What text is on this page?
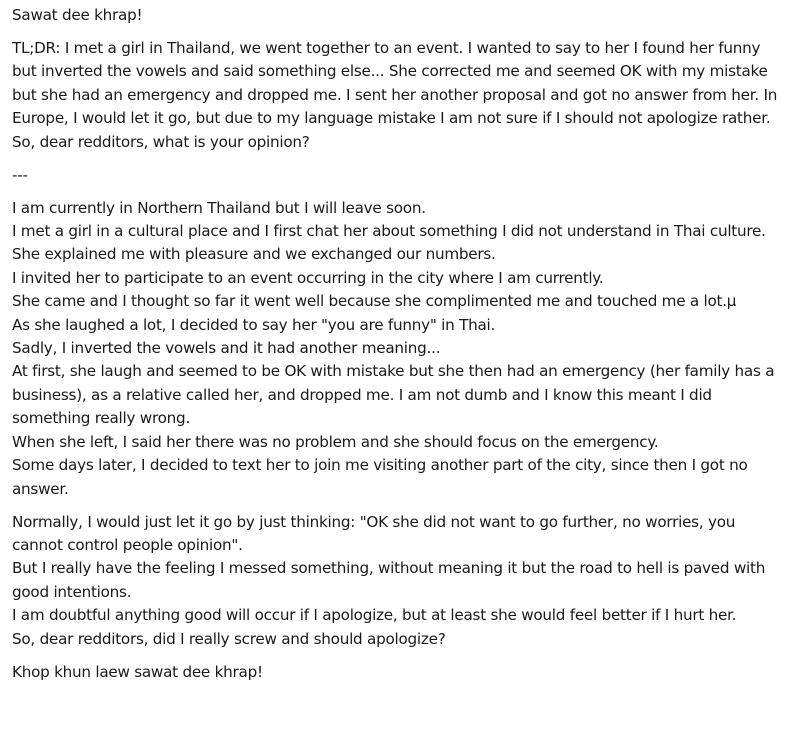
Sawat dee khrap!

TL;DR: I met a girl in Thailand, we went together to an event. I wanted to say to her I found her funny but inverted the vowels and said something else... She corrected me and seemed OK with my mistake but she had an emergency and dropped me. I sent her another proposal and got no answer from her. In Europe, I would let it go, but due to my language mistake I am not sure if I should not apologize rather. So, dear redditors, what is your opinion?

---

I am currently in Northern Thailand but I will leave soon.

I met a girl in a cultural place and I first chat her about something I did not understand in Thai culture.

She explained me with pleasure and we exchanged our numbers.

I invited her to participate to an event occurring in the city where I am currently.

She came and I thought so far it went well because she complimented me and touched me a lot.µ

As she laughed a lot, I decided to say her "you are funny" in Thai.

Sadly, I inverted the vowels and it had another meaning...

At first, she laugh and seemed to be OK with mistake but she then had an emergency (her family has a business), as a relative called her, and dropped me. I am not dumb and I know this meant I did something really wrong.

When she left, I said her there was no problem and she should focus on the emergency.

Some days later, I decided to text her to join me visiting another part of the city, since then I got no answer.

Normally, I would just let it go by just thinking: "OK she did not want to go further, no worries, you cannot control people opinion".

But I really have the feeling I messed something, without meaning it but the road to hell is paved with good intentions.

I am doubtful anything good will occur if I apologize, but at least she would feel better if I hurt her.

So, dear redditors, did I really screw and should apologize?

Khop khun laew sawat dee khrap!
